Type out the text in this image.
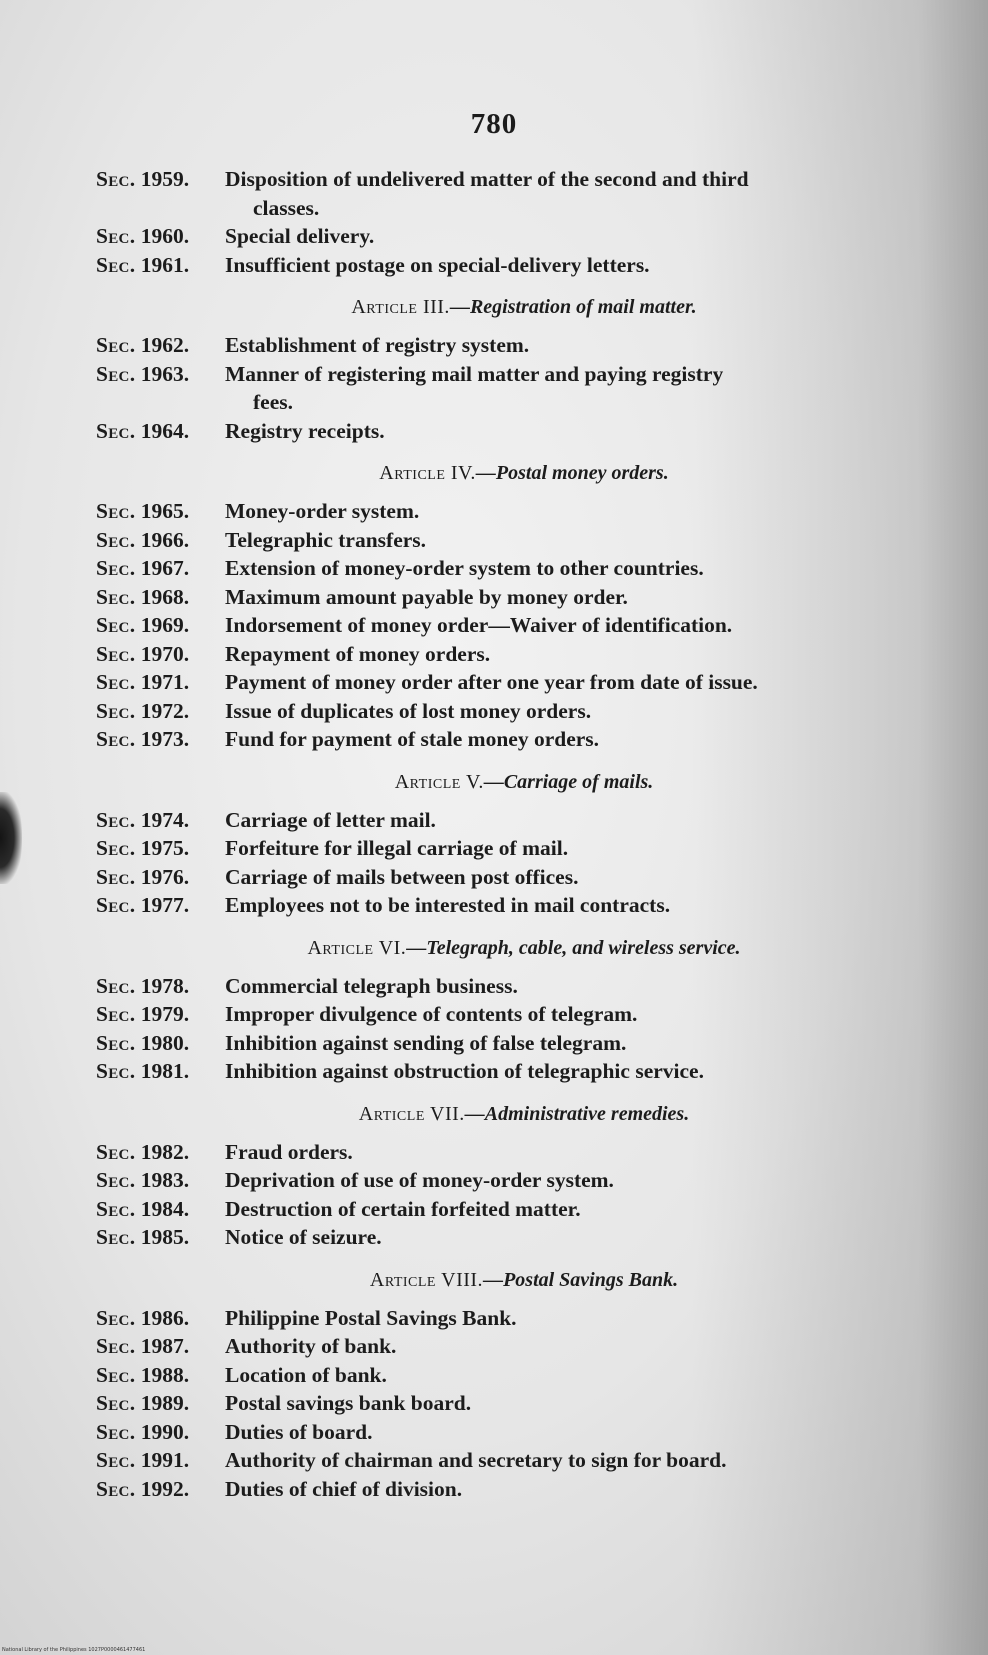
780
Sec. 1959. Disposition of undelivered matter of the second and third
classes.
Sec. 1960. Special delivery.
Sec. 1961. Insufficient postage on special-delivery letters.
Article III.—Registration of mail matter.
Sec. 1962. Establishment of registry system.
Sec. 1963. Manner of registering mail matter and paying registry
fees.
Sec. 1964. Registry receipts.
Article IV.—Postal money orders.
Sec. 1965. Money-order system.
Sec. 1966. Telegraphic transfers.
Sec. 1967. Extension of money-order system to other countries.
Sec. 1968. Maximum amount payable by money order.
Sec. 1969. Indorsement of money order—Waiver of identification.
Sec. 1970. Repayment of money orders.
Sec. 1971. Payment of money order after one year from date of issue.
Sec. 1972. Issue of duplicates of lost money orders.
Sec. 1973. Fund for payment of stale money orders.
Article V.—Carriage of mails.
Sec. 1974. Carriage of letter mail.
Sec. 1975. Forfeiture for illegal carriage of mail.
Sec. 1976. Carriage of mails between post offices.
Sec. 1977. Employees not to be interested in mail contracts.
Article VI.—Telegraph, cable, and wireless service.
Sec. 1978. Commercial telegraph business.
Sec. 1979. Improper divulgence of contents of telegram.
Sec. 1980. Inhibition against sending of false telegram.
Sec. 1981. Inhibition against obstruction of telegraphic service.
Article VII.—Administrative remedies.
Sec. 1982. Fraud orders.
Sec. 1983. Deprivation of use of money-order system.
Sec. 1984. Destruction of certain forfeited matter.
Sec. 1985. Notice of seizure.
Article VIII.—Postal Savings Bank.
Sec. 1986. Philippine Postal Savings Bank.
Sec. 1987. Authority of bank.
Sec. 1988. Location of bank.
Sec. 1989. Postal savings bank board.
Sec. 1990. Duties of board.
Sec. 1991. Authority of chairman and secretary to sign for board.
Sec. 1992. Duties of chief of division.
National Library of the Philippines 1027P0000461477461
